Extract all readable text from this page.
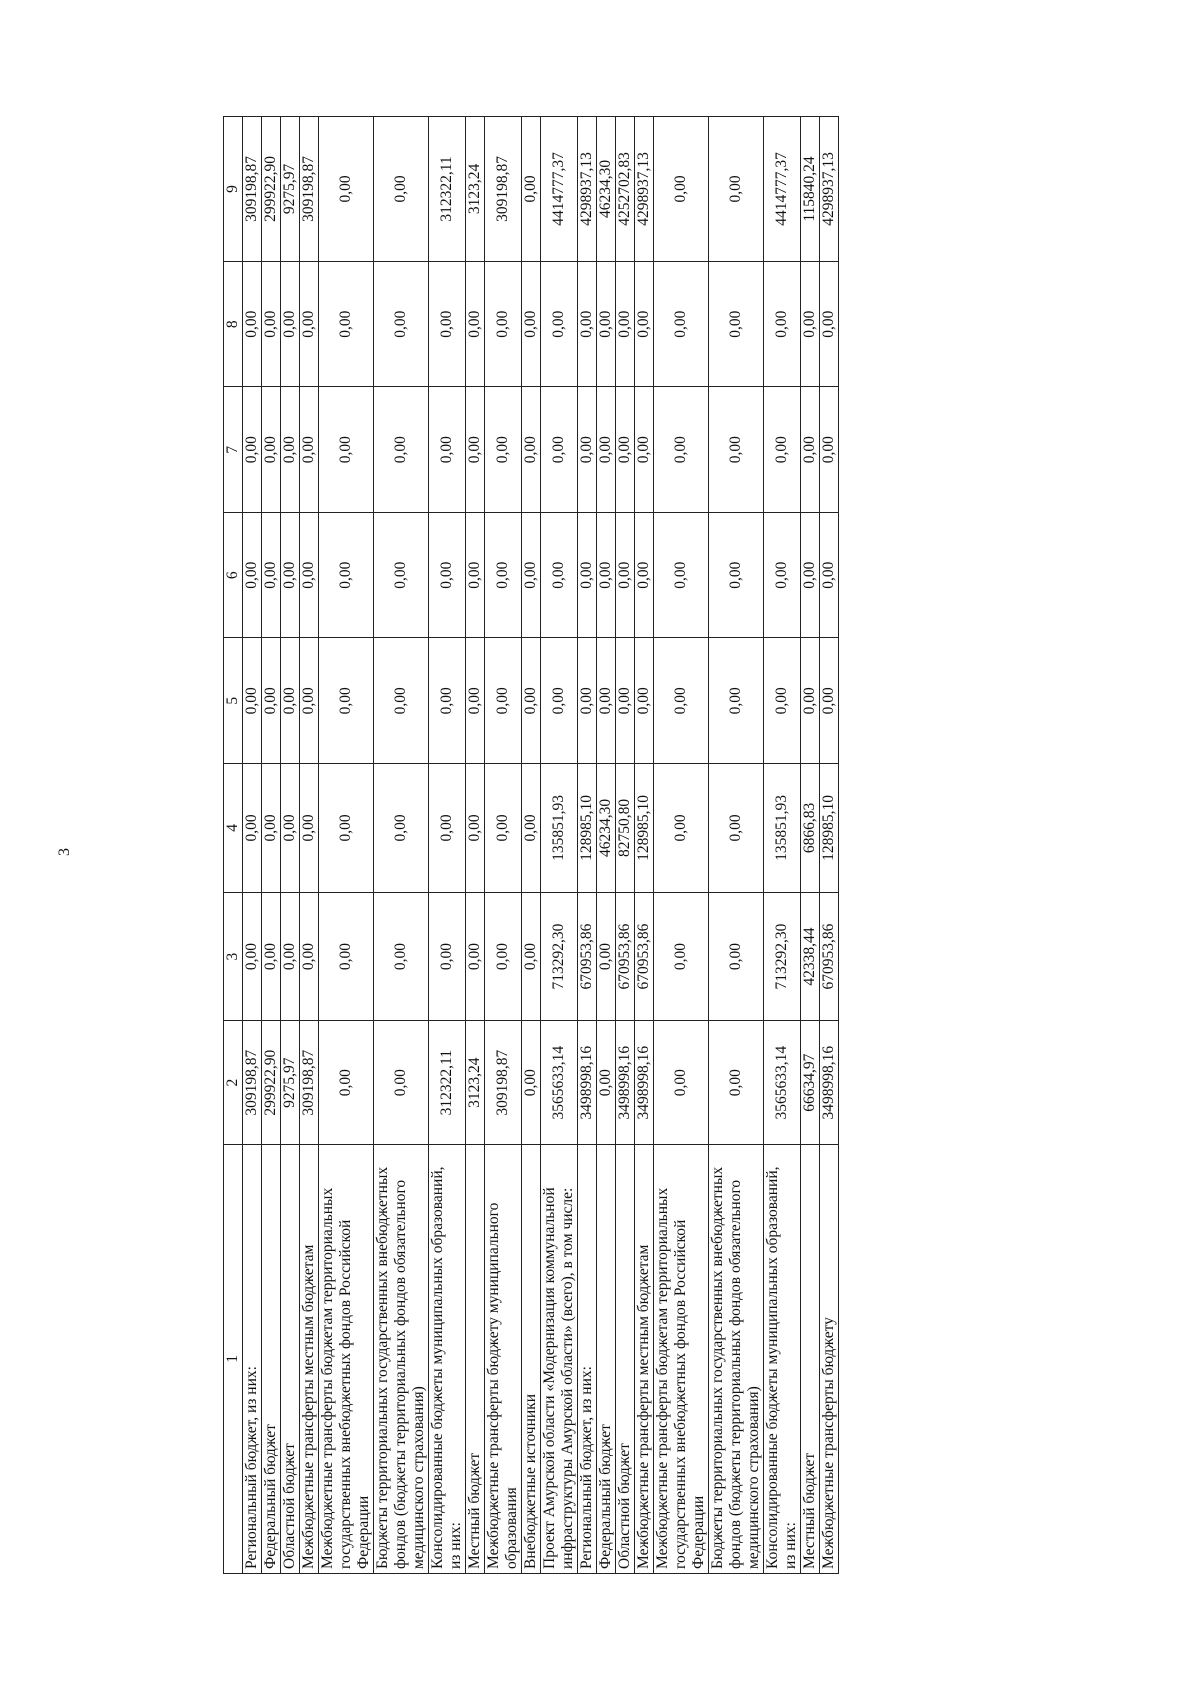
3
1	2	3	4	5	6	7	8	9
Региональный бюджет, из них:	309198,87	0,00	0,00	0,00	0,00	0,00	0,00	309198,87
Федеральный бюджет	299922,90	0,00	0,00	0,00	0,00	0,00	0,00	299922,90
Областной бюджет	9275,97	0,00	0,00	0,00	0,00	0,00	0,00	9275,97
Межбюджетные трансферты местным бюджетам	309198,87	0,00	0,00	0,00	0,00	0,00	0,00	309198,87
Межбюджетные трансферты бюджетам территориальных государственных внебюджетных фондов Российской Федерации	0,00	0,00	0,00	0,00	0,00	0,00	0,00	0,00
Бюджеты территориальных государственных внебюджетных фондов (бюджеты территориальных фондов обязательного медицинского страхования)	0,00	0,00	0,00	0,00	0,00	0,00	0,00	0,00
Консолидированные бюджеты муниципальных образований, из них:	312322,11	0,00	0,00	0,00	0,00	0,00	0,00	312322,11
Местный бюджет	3123,24	0,00	0,00	0,00	0,00	0,00	0,00	3123,24
Межбюджетные трансферты бюджету муниципального образования	309198,87	0,00	0,00	0,00	0,00	0,00	0,00	309198,87
Внебюджетные источники	0,00	0,00	0,00	0,00	0,00	0,00	0,00	0,00
Проект Амурской области «Модернизация коммунальной инфраструктуры Амурской области» (всего), в том числе:	3565633,14	713292,30	135851,93	0,00	0,00	0,00	0,00	4414777,37
Региональный бюджет, из них:	3498998,16	670953,86	128985,10	0,00	0,00	0,00	0,00	4298937,13
Федеральный бюджет	0,00	0,00	46234,30	0,00	0,00	0,00	0,00	46234,30
Областной бюджет	3498998,16	670953,86	82750,80	0,00	0,00	0,00	0,00	4252702,83
Межбюджетные трансферты местным бюджетам	3498998,16	670953,86	128985,10	0,00	0,00	0,00	0,00	4298937,13
Межбюджетные трансферты бюджетам территориальных государственных внебюджетных фондов Российской Федерации	0,00	0,00	0,00	0,00	0,00	0,00	0,00	0,00
Бюджеты территориальных государственных внебюджетных фондов (бюджеты территориальных фондов обязательного медицинского страхования)	0,00	0,00	0,00	0,00	0,00	0,00	0,00	0,00
Консолидированные бюджеты муниципальных образований, из них:	3565633,14	713292,30	135851,93	0,00	0,00	0,00	0,00	4414777,37
Местный бюджет	66634,97	42338,44	6866,83	0,00	0,00	0,00	0,00	115840,24
Межбюджетные трансферты бюджету	3498998,16	670953,86	128985,10	0,00	0,00	0,00	0,00	4298937,13
